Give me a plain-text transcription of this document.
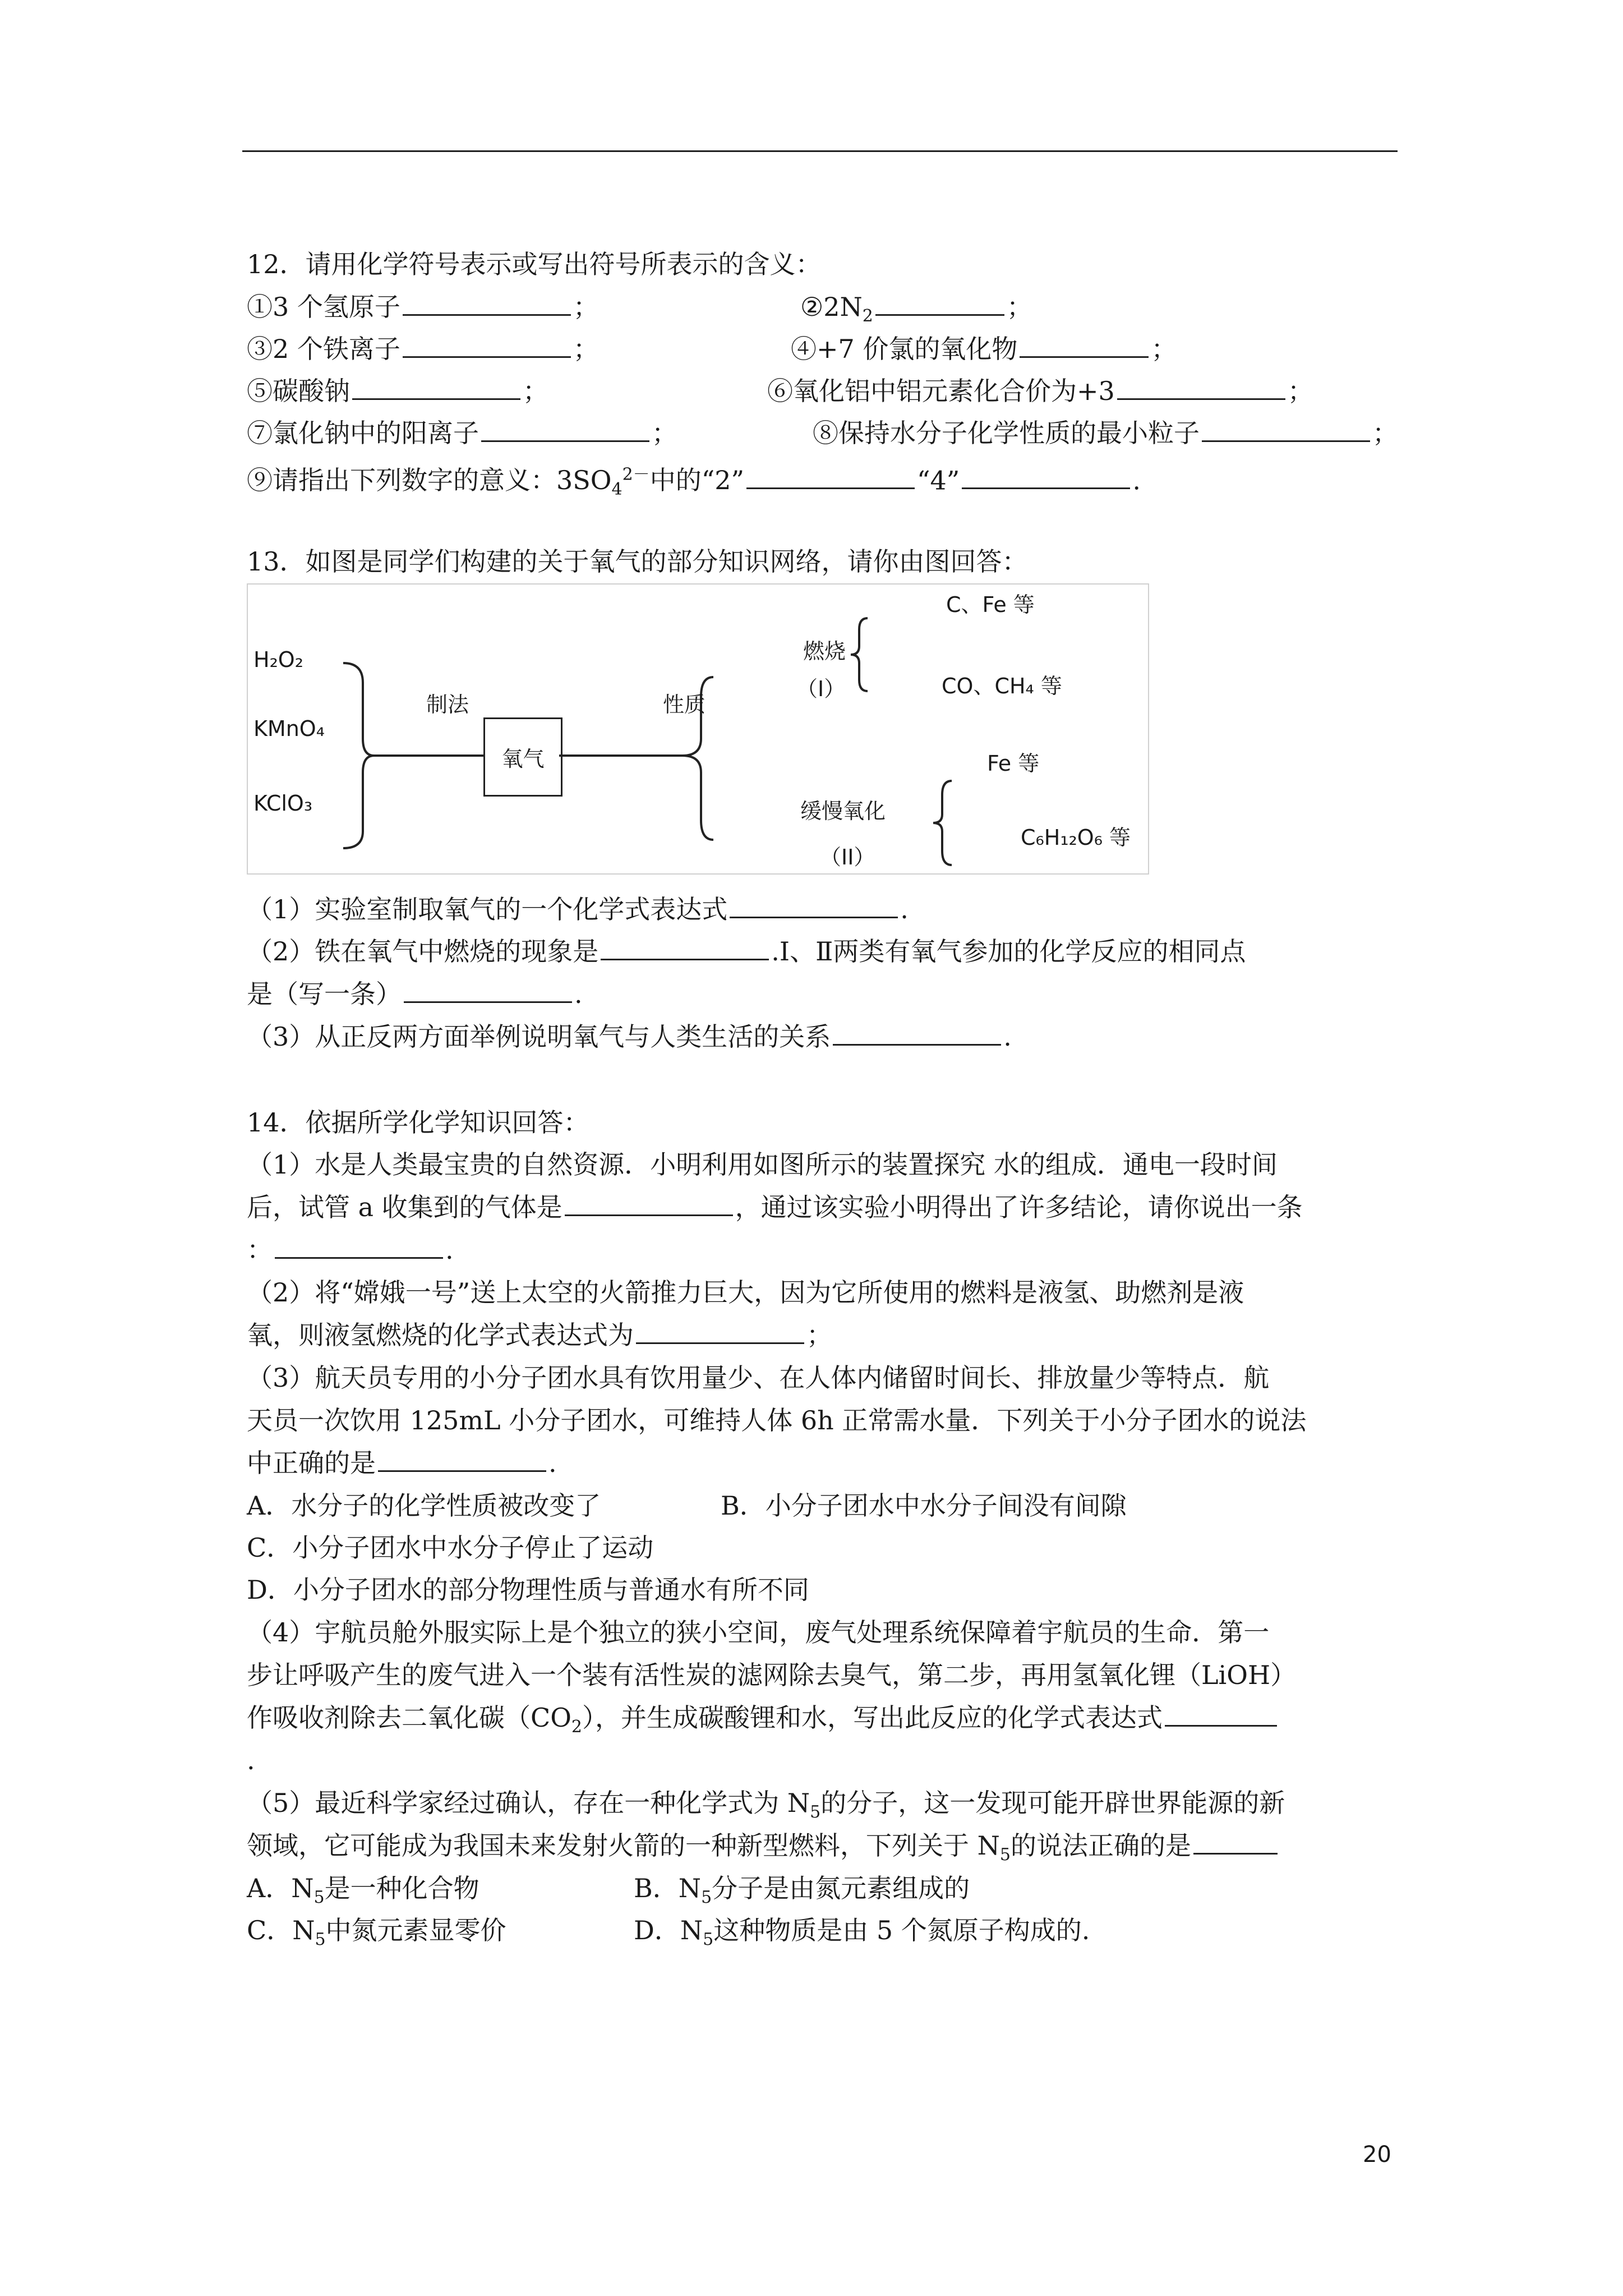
12．请用化学符号表示或写出符号所表示的含义：
①3 个氢原子	；	$②2N_2$	；
③2 个铁离子	；	④+7 价氯的氧化物	；
⑤碳酸钠	；	⑥氧化铝中铝元素化合价为+3	；
⑦氯化钠中的阳离子	；	⑧保持水分子化学性质的最小粒子	；
⑨请指出下列数字的意义：$3SO_4^{2-}$中的“2”	“4”	.
13．如图是同学们构建的关于氧气的部分知识网络，请你由图回答：
H₂O₂
KMnO₄
KClO₃
制法
氧气
性质
燃烧
（I）
C、Fe 等
CO、CH₄ 等
Fe 等
缓慢氧化
（II）
C₆H₁₂O₆ 等
（1）实验室制取氧气的一个化学式表达式	.
（2）铁在氧气中燃烧的现象是	.Ⅰ、Ⅱ两类有氧气参加的化学反应的相同点
是（写一条）	.
（3）从正反两方面举例说明氧气与人类生活的关系	.
14．依据所学化学知识回答：
（1）水是人类最宝贵的自然资源．小明利用如图所示的装置探究 水的组成．通电一段时间
后，试管 a 收集到的气体是	，通过该实验小明得出了许多结论，请你说出一条
：	.
（2）将“嫦娥一号”送上太空的火箭推力巨大，因为它所使用的燃料是液氢、助燃剂是液
氧，则液氢燃烧的化学式表达式为	；
（3）航天员专用的小分子团水具有饮用量少、在人体内储留时间长、排放量少等特点．航
天员一次饮用 125mL 小分子团水，可维持人体 6h 正常需水量．下列关于小分子团水的说法
中正确的是	.
A．水分子的化学性质被改变了	B．小分子团水中水分子间没有间隙
C．小分子团水中水分子停止了运动
D．小分子团水的部分物理性质与普通水有所不同
（4）宇航员舱外服实际上是个独立的狭小空间，废气处理系统保障着宇航员的生命．第一
步让呼吸产生的废气进入一个装有活性炭的滤网除去臭气，第二步，再用氢氧化锂（LiOH）
作吸收剂除去二氧化碳$(CO_2)$，并生成碳酸锂和水，写出此反应的化学式表达式
.
（5）最近科学家经过确认，存在一种化学式为 $N_5$的分子，这一发现可能开辟世界能源的新
领域，它可能成为我国未来发射火箭的一种新型燃料，下列关于 $N_5$的说法正确的是
A．$N_5$是一种化合物	B．$N_5$分子是由氮元素组成的
C．$N_5$中氮元素显零价	D．$N_5$这种物质是由 5 个氮原子构成的.
20
